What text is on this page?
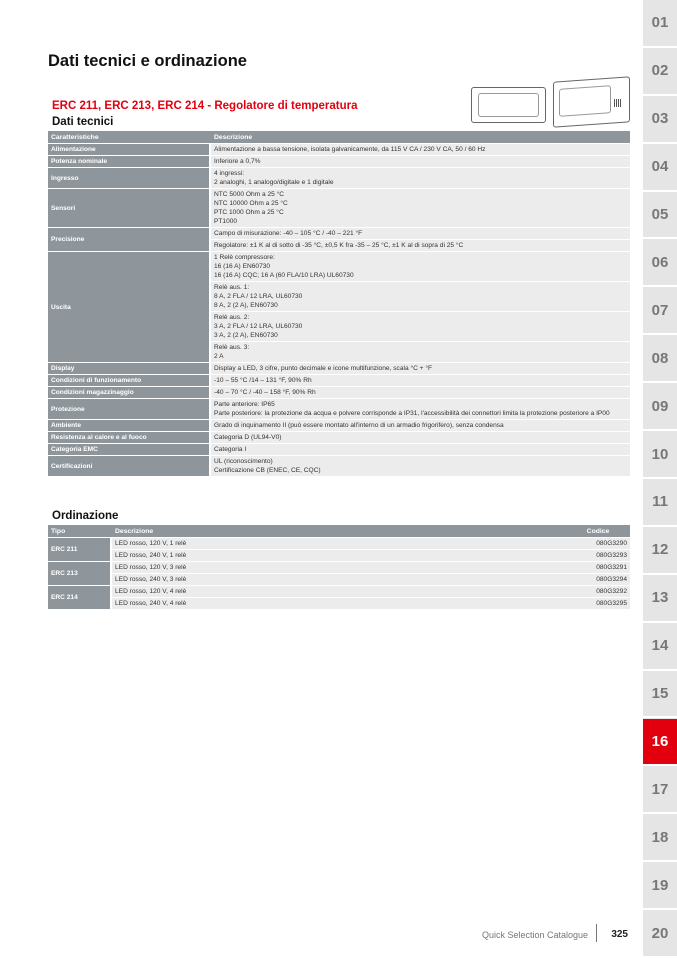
Dati tecnici e ordinazione
ERC 211, ERC 213, ERC 214 - Regolatore di temperatura
Dati tecnici
Caratteristiche	Descrizione
Alimentazione	Alimentazione a bassa tensione, isolata galvanicamente, da 115 V CA / 230 V CA, 50 / 60 Hz

Potenza nominale	Inferiore a 0,7%

Ingresso	4 ingressi:
2 analoghi, 1 analogo/digitale e 1 digitale

Sensori	NTC 5000 Ohm a 25 °C
NTC 10000 Ohm a 25 °C
PTC 1000 Ohm a 25 °C
PT1000

Precisione	Campo di misurazione: -40 – 105 °C / -40 – 221 °F

	Regolatore: ±1 K al di sotto di -35 °C, ±0,5 K fra -35 – 25 °C, ±1 K al di sopra di 25 °C

Uscita	1 Relè compressore:
16 (16 A) EN60730
16 (16 A) CQC; 16 A (60 FLA/10 LRA) UL60730

	Relè aus. 1:
8 A, 2 FLA / 12 LRA, UL60730
8 A, 2 (2 A), EN60730

	Relè aus. 2:
3 A, 2 FLA / 12 LRA, UL60730
3 A, 2 (2 A), EN60730

	Relè aus. 3:
2 A

Display	Display a LED, 3 cifre, punto decimale e icone multifunzione, scala °C + °F

Condizioni di funzionamento	-10 – 55 °C /14 – 131 °F, 90% Rh

Condizioni magazzinaggio	-40 – 70 °C / -40 – 158 °F, 90% Rh

Protezione	Parte anteriore: IP65
Parte posteriore: la protezione da acqua e polvere corrisponde a IP31, l'accessibilità dei connettori limita la protezione posteriore a IP00

Ambiente	Grado di inquinamento II (può essere montato all'interno di un armadio frigorifero), senza condensa

Resistenza al calore e al fuoco	Categoria D (UL94-V0)

Categoria EMC	Categoria I

Certificazioni	UL (riconoscimento)
Certificazione CB (ENEC, CE, CQC)
Ordinazione
Tipo	Descrizione	Codice
ERC 211	LED rosso, 120 V, 1 relè	080G3290
	LED rosso, 240 V, 1 relè	080G3293
ERC 213	LED rosso, 120 V, 3 relè	080G3291
	LED rosso, 240 V, 3 relè	080G3294
ERC 214	LED rosso, 120 V, 4 relè	080G3292
	LED rosso, 240 V, 4 relè	080G3295
01
02
03
04
05
06
07
08
09
10
11
12
13
14
15
16
17
18
19
20
Quick Selection Catalogue 325
